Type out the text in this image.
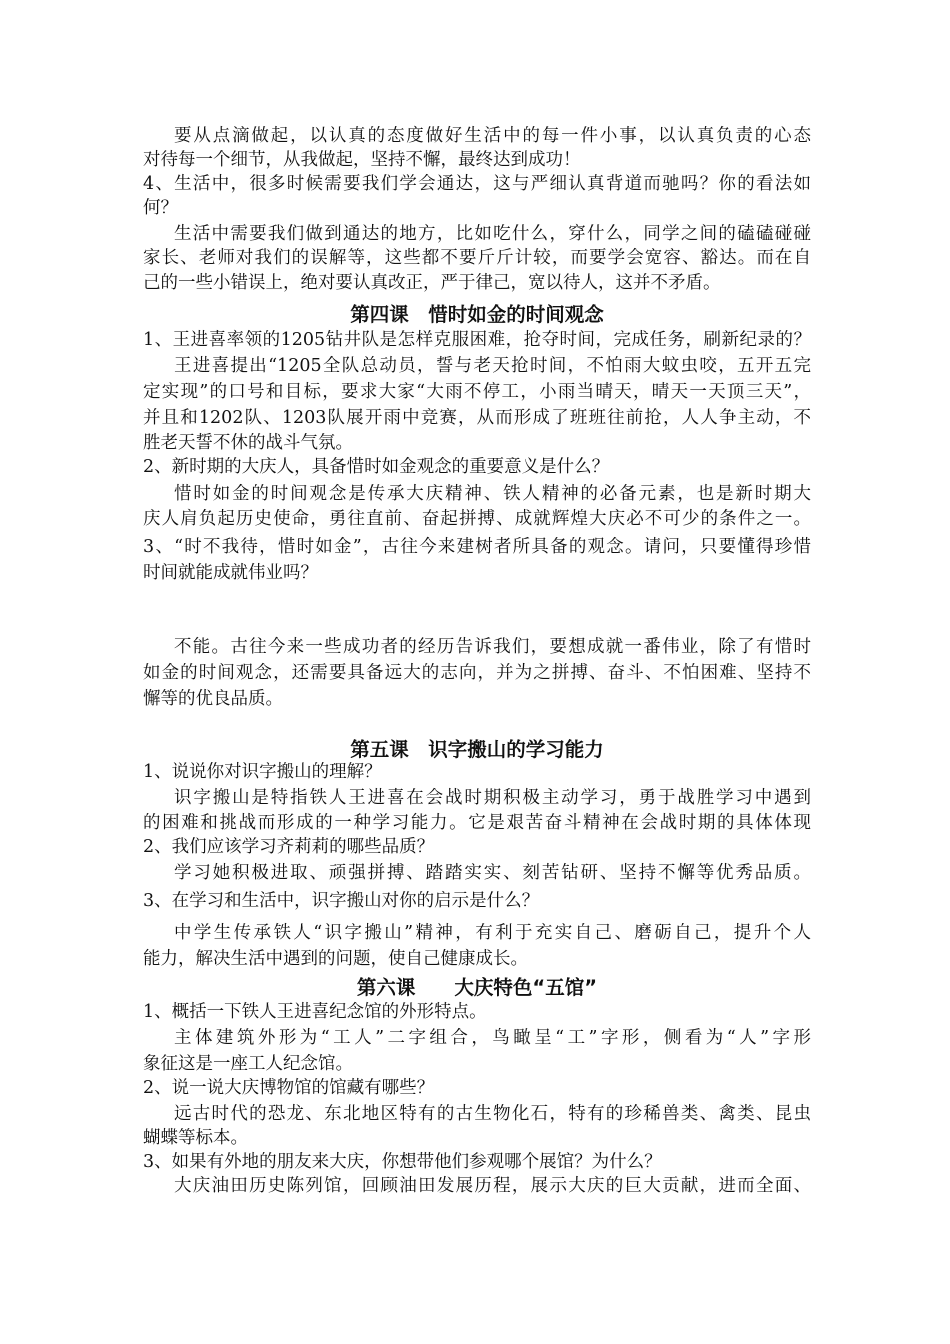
要从点滴做起，以认真的态度做好生活中的每一件小事，以认真负责的心态
对待每一个细节，从我做起，坚持不懈，最终达到成功！
4、生活中，很多时候需要我们学会通达，这与严细认真背道而驰吗？你的看法如
何？
生活中需要我们做到通达的地方，比如吃什么，穿什么，同学之间的磕磕碰碰
家长、老师对我们的误解等，这些都不要斤斤计较，而要学会宽容、豁达。而在自
己的一些小错误上，绝对要认真改正，严于律己，宽以待人，这并不矛盾。
第四课　惜时如金的时间观念
1、王进喜率领的1205钻井队是怎样克服困难，抢夺时间，完成任务，刷新纪录的？
王进喜提出“1205全队总动员，誓与老天抢时间，不怕雨大蚊虫咬，五开五完
定实现”的口号和目标，要求大家“大雨不停工，小雨当晴天，晴天一天顶三天”，
并且和1202队、1203队展开雨中竞赛，从而形成了班班往前抢，人人争主动，不
胜老天誓不休的战斗气氛。
2、新时期的大庆人，具备惜时如金观念的重要意义是什么？
惜时如金的时间观念是传承大庆精神、铁人精神的必备元素，也是新时期大
庆人肩负起历史使命，勇往直前、奋起拼搏、成就辉煌大庆必不可少的条件之一。
3、“时不我待，惜时如金”，古往今来建树者所具备的观念。请问，只要懂得珍惜
时间就能成就伟业吗？
不能。古往今来一些成功者的经历告诉我们，要想成就一番伟业，除了有惜时
如金的时间观念，还需要具备远大的志向，并为之拼搏、奋斗、不怕困难、坚持不
懈等的优良品质。
第五课　识字搬山的学习能力
1、说说你对识字搬山的理解？
识字搬山是特指铁人王进喜在会战时期积极主动学习，勇于战胜学习中遇到
的困难和挑战而形成的一种学习能力。它是艰苦奋斗精神在会战时期的具体体现
2、我们应该学习齐莉莉的哪些品质？
学习她积极进取、顽强拼搏、踏踏实实、刻苦钻研、坚持不懈等优秀品质。
3、在学习和生活中，识字搬山对你的启示是什么？
中学生传承铁人“识字搬山”精神，有利于充实自己、磨砺自己，提升个人
能力，解决生活中遇到的问题，使自己健康成长。
第六课　　大庆特色“五馆”
1、概括一下铁人王进喜纪念馆的外形特点。
主体建筑外形为“工人”二字组合，鸟瞰呈“工”字形，侧看为“人”字形
象征这是一座工人纪念馆。
2、说一说大庆博物馆的馆藏有哪些？
远古时代的恐龙、东北地区特有的古生物化石，特有的珍稀兽类、禽类、昆虫
蝴蝶等标本。
3、如果有外地的朋友来大庆，你想带他们参观哪个展馆？为什么？
大庆油田历史陈列馆，回顾油田发展历程，展示大庆的巨大贡献，进而全面、
